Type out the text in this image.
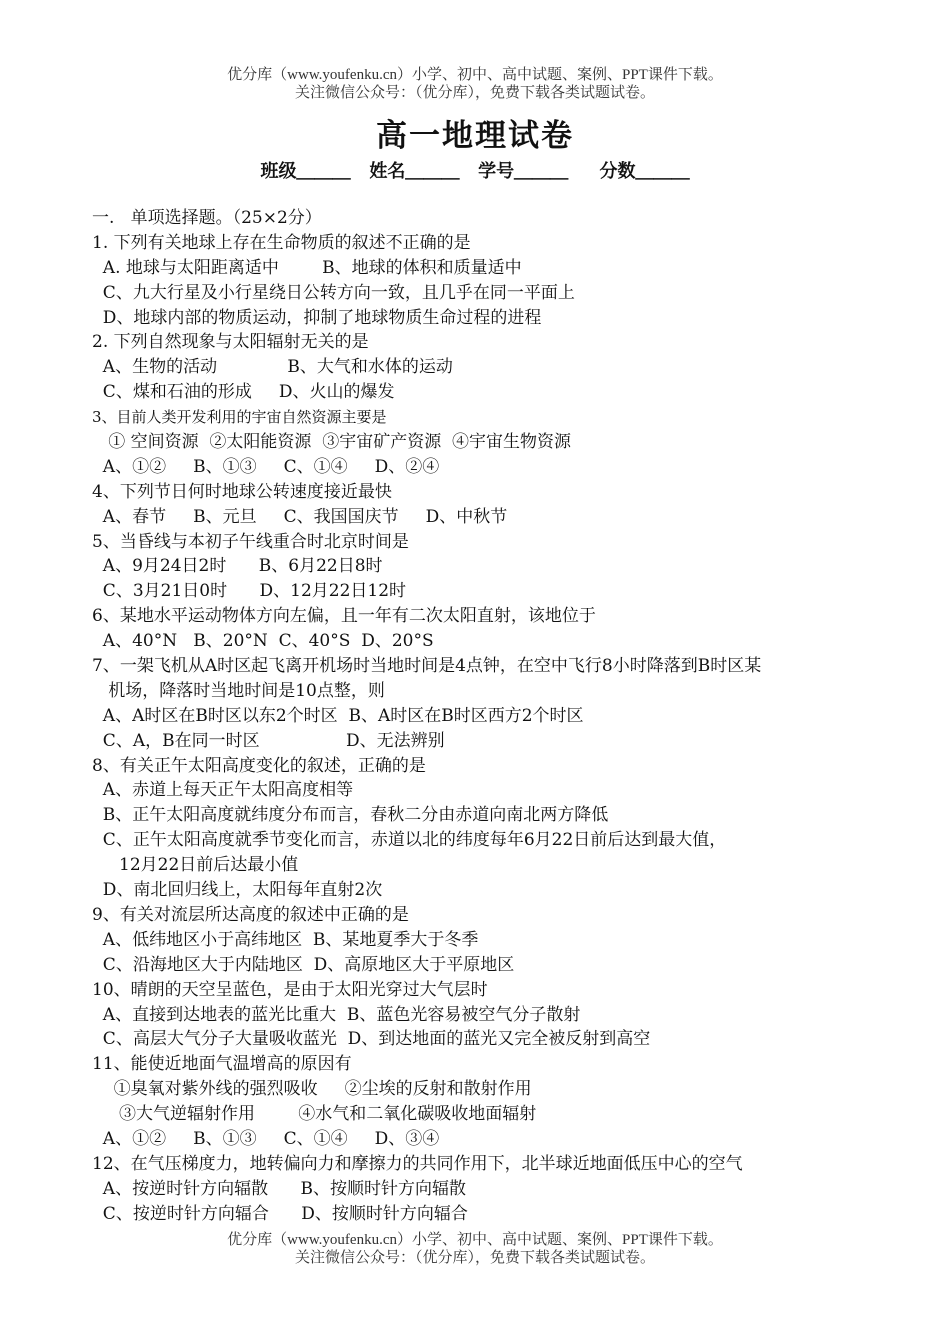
优分库（www.youfenku.cn）小学、初中、高中试题、案例、PPT课件下载。
关注微信公众号：（优分库），免费下载各类试题试卷。
高一地理试卷
班级＿＿＿   姓名＿＿＿   学号＿＿＿     分数＿＿＿
一.   单项选择题。（25×2分）
1. 下列有关地球上存在生命物质的叙述不正确的是
A. 地球与太阳距离适中        B、地球的体积和质量适中
C、九大行星及小行星绕日公转方向一致，且几乎在同一平面上
D、地球内部的物质运动，抑制了地球物质生命过程的进程
2. 下列自然现象与太阳辐射无关的是
A、生物的活动             B、大气和水体的运动
C、煤和石油的形成     D、火山的爆发
3、目前人类开发利用的宇宙自然资源主要是
① 空间资源  ②太阳能资源  ③宇宙矿产资源  ④宇宙生物资源
A、①②     B、①③     C、①④     D、②④
4、下列节日何时地球公转速度接近最快
A、春节     B、元旦     C、我国国庆节     D、中秋节
5、当昏线与本初子午线重合时北京时间是
A、9月24日2时      B、6月22日8时
C、3月21日0时      D、12月22日12时
6、某地水平运动物体方向左偏，且一年有二次太阳直射，该地位于
A、40°N   B、20°N  C、40°S  D、20°S
7、一架飞机从A时区起飞离开机场时当地时间是4点钟，在空中飞行8小时降落到B时区某
机场，降落时当地时间是10点整，则
A、A时区在B时区以东2个时区  B、A时区在B时区西方2个时区
C、A，B在同一时区                D、无法辨别
8、有关正午太阳高度变化的叙述，正确的是
A、赤道上每天正午太阳高度相等
B、正午太阳高度就纬度分布而言，春秋二分由赤道向南北两方降低
C、正午太阳高度就季节变化而言，赤道以北的纬度每年6月22日前后达到最大值，
12月22日前后达最小值
D、南北回归线上，太阳每年直射2次
9、有关对流层所达高度的叙述中正确的是
A、低纬地区小于高纬地区  B、某地夏季大于冬季
C、沿海地区大于内陆地区  D、高原地区大于平原地区
10、晴朗的天空呈蓝色，是由于太阳光穿过大气层时
A、直接到达地表的蓝光比重大  B、蓝色光容易被空气分子散射
C、高层大气分子大量吸收蓝光  D、到达地面的蓝光又完全被反射到高空
11、能使近地面气温增高的原因有
①臭氧对紫外线的强烈吸收     ②尘埃的反射和散射作用
③大气逆辐射作用        ④水气和二氧化碳吸收地面辐射
A、①②     B、①③     C、①④     D、③④
12、在气压梯度力，地转偏向力和摩擦力的共同作用下，北半球近地面低压中心的空气
A、按逆时针方向辐散      B、按顺时针方向辐散
C、按逆时针方向辐合      D、按顺时针方向辐合
优分库（www.youfenku.cn）小学、初中、高中试题、案例、PPT课件下载。
关注微信公众号：（优分库），免费下载各类试题试卷。
